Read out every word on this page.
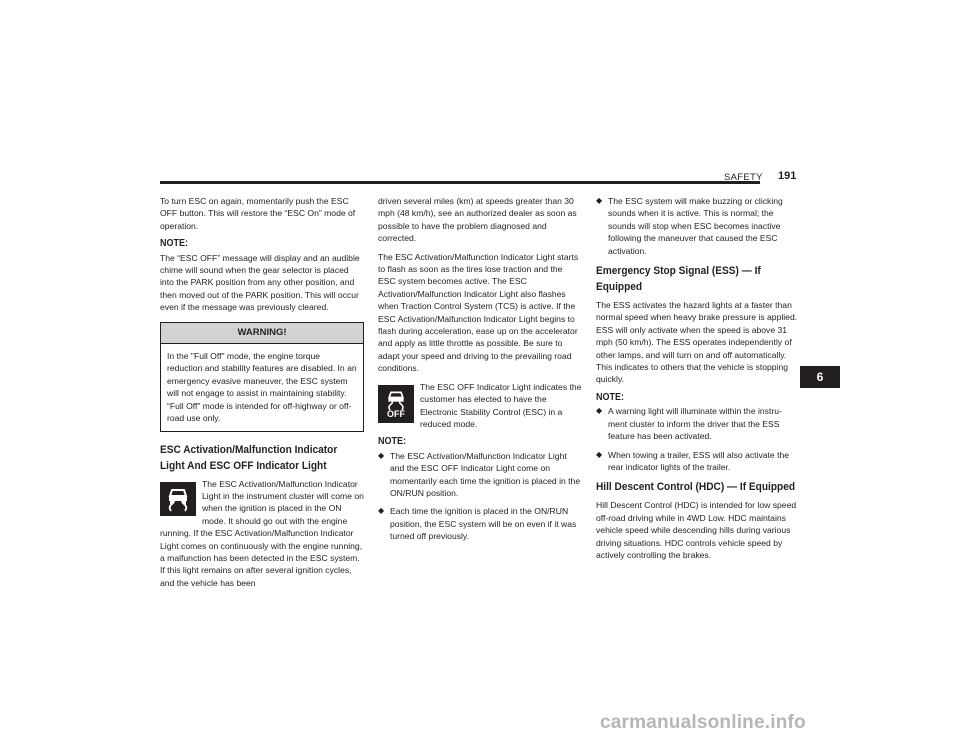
SAFETY 191

To turn ESC on again, momentarily push the ESC OFF button. This will restore the “ESC On” mode of operation.

NOTE:

The “ESC OFF” message will display and an audible chime will sound when the gear selector is placed into the PARK position from any other position, and then moved out of the PARK position. This will occur even if the message was previously cleared.

WARNING!
In the "Full Off" mode, the engine torque reduction and stability features are disabled. In an emergency evasive maneuver, the ESC system will not engage to assist in maintaining stability. “Full Off” mode is intended for off-highway or off-road use only.
ESC Activation/Malfunction Indicator Light And ESC OFF Indicator Light
The ESC Activation/Malfunction Indicator Light in the instrument cluster will come on when the ignition is placed in the ON mode. It should go out with the engine running. If the ESC Activation/Malfunction Indicator Light comes on continuously with the engine running, a malfunction has been detected in the ESC system. If this light remains on after several ignition cycles, and the vehicle has been

driven several miles (km) at speeds greater than 30 mph (48 km/h), see an authorized dealer as soon as possible to have the problem diagnosed and corrected.

The ESC Activation/Malfunction Indicator Light starts to flash as soon as the tires lose traction and the ESC system becomes active. The ESC Activation/Malfunction Indicator Light also flashes when Traction Control System (TCS) is active. If the ESC Activation/Malfunction Indicator Light begins to flash during acceleration, ease up on the accelerator and apply as little throttle as possible. Be sure to adapt your speed and driving to the prevailing road conditions.

OFF
The ESC OFF Indicator Light indicates the customer has elected to have the Electronic Stability Control (ESC) in a reduced mode.
NOTE:
◆ The ESC Activation/Malfunction Indicator Light and the ESC OFF Indicator Light come on momentarily each time the ignition is placed in the ON/RUN position.
◆ Each time the ignition is placed in the ON/RUN position, the ESC system will be on even if it was turned off previously.
◆ The ESC system will make buzzing or clicking sounds when it is active. This is normal; the sounds will stop when ESC becomes inactive following the maneuver that caused the ESC activation.
Emergency Stop Signal (ESS) — If Equipped

The ESS activates the hazard lights at a faster than normal speed when heavy brake pressure is applied. ESS will only activate when the speed is above 31 mph (50 km/h). The ESS operates independently of other lamps, and will turn on and off automatically. This indicates to others that the vehicle is stopping quickly.

NOTE:
◆ A warning light will illuminate within the instru-ment cluster to inform the driver that the ESS feature has been activated.
◆ When towing a trailer, ESS will also activate the rear indicator lights of the trailer.
Hill Descent Control (HDC) — If Equipped

Hill Descent Control (HDC) is intended for low speed off-road driving while in 4WD Low. HDC maintains vehicle speed while descending hills during various driving situations. HDC controls vehicle speed by actively controlling the brakes.

6
carmanualsonline.info
